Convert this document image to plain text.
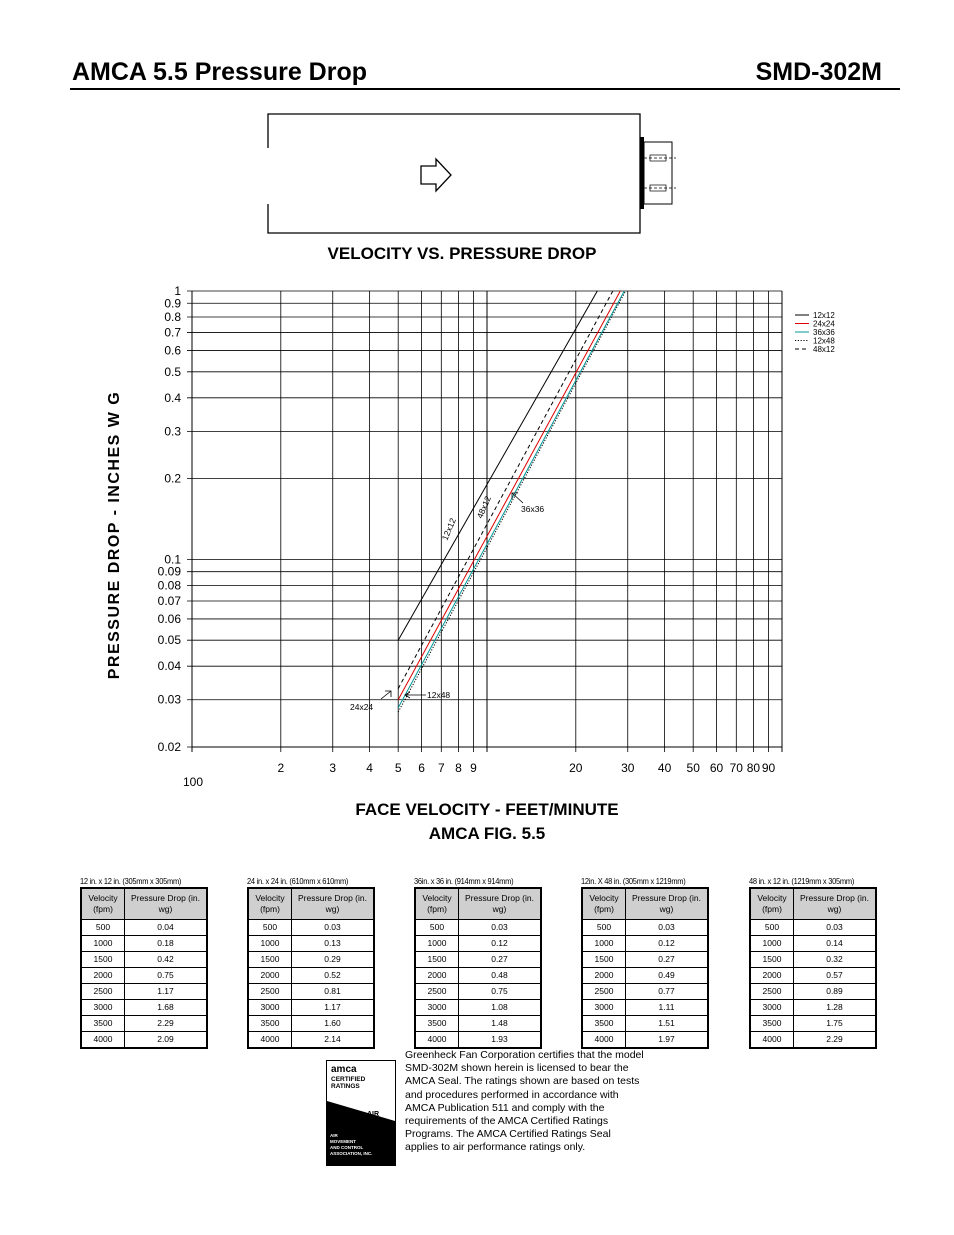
AMCA 5.5 Pressure Drop	SMD-302M
VELOCITY VS. PRESSURE DROP
PRESSURE DROP - INCHES W G
FACE VELOCITY - FEET/MINUTE
AMCA FIG. 5.5
1
0.9
0.8
0.7
0.6
0.5
0.4
0.3
0.2
0.1
0.09
0.08
0.07
0.06
0.05
0.04
0.03
0.02
2	3	4 5 6 7 8 9	20	30 40 50 60 70 80 90
100
12x12
24x24
36x36
12x48
48x12
12x12
48x12	36x36
24x24
12x48
12 in. x 12 in. (305mm x 305mm)
Velocity (fpm)	Pressure Drop (in. wg)
500	0.04
1000	0.18
1500	0.42
2000	0.75
2500	1.17
3000	1.68
3500	2.29
4000	2.09
24 in. x 24 in. (610mm x 610mm)
Velocity (fpm)	Pressure Drop (in. wg)
500	0.03
1000	0.13
1500	0.29
2000	0.52
2500	0.81
3000	1.17
3500	1.60
4000	2.14
36in. x 36 in. (914mm x 914mm)
Velocity (fpm)	Pressure Drop (in. wg)
500	0.03
1000	0.12
1500	0.27
2000	0.48
2500	0.75
3000	1.08
3500	1.48
4000	1.93
12in. X 48 in. (305mm x 1219mm)
Velocity (fpm)	Pressure Drop (in. wg)
500	0.03
1000	0.12
1500	0.27
2000	0.49
2500	0.77
3000	1.11
3500	1.51
4000	1.97
48 in. x 12 in. (1219mm x 305mm)
Velocity (fpm)	Pressure Drop (in. wg)
500	0.03
1000	0.14
1500	0.32
2000	0.57
2500	0.89
3000	1.28
3500	1.75
4000	2.29
amca
CERTIFIED
RATINGS
AIR
PERFORMANCE
AIR
MOVEMENT
AND CONTROL
ASSOCIATION, INC.
Greenheck Fan Corporation certifies that the model SMD-302M shown herein is licensed to bear the AMCA Seal. The ratings shown are based on tests and procedures performed in accordance with AMCA Publication 511 and comply with the requirements of the AMCA Certified Ratings Programs. The AMCA Certified Ratings Seal applies to air performance ratings only.
